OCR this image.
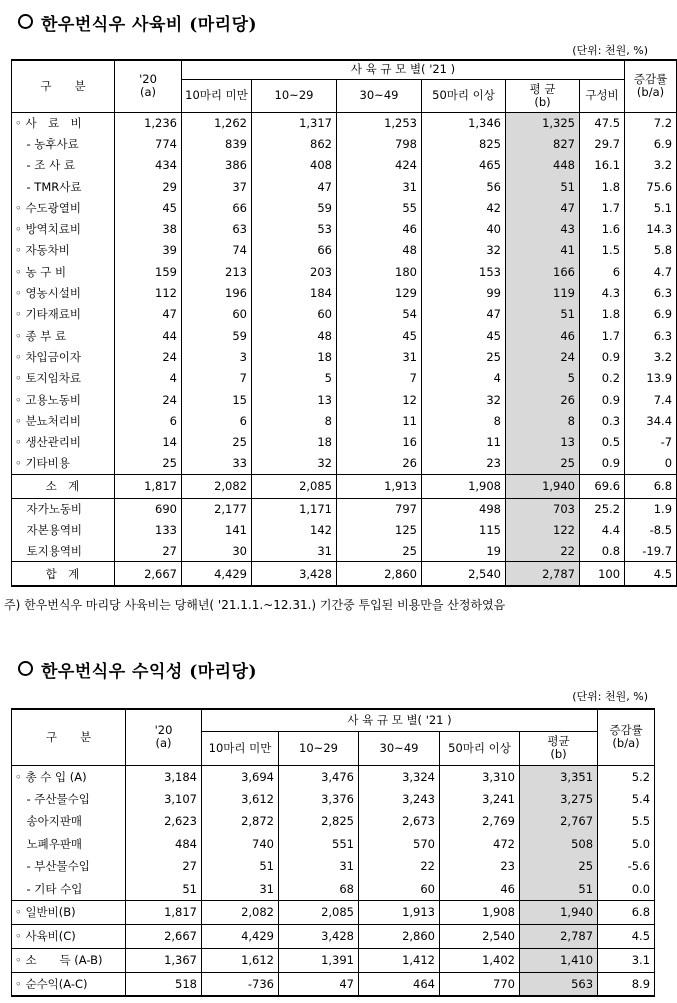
한우번식우 사육비 (마리당)
(단위: 천원, %)
구　　분	'20
(a)	사 육 규 모 별( '21 )						증감률
(b/a)
		10마리 미만	10~29	30~49	50마리 이상	평 균
(b)	구성비	
◦ 사　료　비	1,236	1,262	1,317	1,253	1,346	1,325	47.5	7.2
　- 농후사료	774	839	862	798	825	827	29.7	6.9
　- 조 사 료	434	386	408	424	465	448	16.1	3.2
　- TMR사료	29	37	47	31	56	51	1.8	75.6
◦ 수도광열비	45	66	59	55	42	47	1.7	5.1
◦ 방역치료비	38	63	53	46	40	43	1.6	14.3
◦ 자동차비	39	74	66	48	32	41	1.5	5.8
◦ 농 구 비	159	213	203	180	153	166	6	4.7
◦ 영농시설비	112	196	184	129	99	119	4.3	6.3
◦ 기타재료비	47	60	60	54	47	51	1.8	6.9
◦ 종 부 료	44	59	48	45	45	46	1.7	6.3
◦ 차입금이자	24	3	18	31	25	24	0.9	3.2
◦ 토지임차료	4	7	5	7	4	5	0.2	13.9
◦ 고용노동비	24	15	13	12	32	26	0.9	7.4
◦ 분뇨처리비	6	6	8	11	8	8	0.3	34.4
◦ 생산관리비	14	25	18	16	11	13	0.5	-7
◦ 기타비용	25	33	32	26	23	25	0.9	0
소　계	1,817	2,082	2,085	1,913	1,908	1,940	69.6	6.8
　자가노동비	690	2,177	1,171	797	498	703	25.2	1.9
　자본용역비	133	141	142	125	115	122	4.4	-8.5
　토지용역비	27	30	31	25	19	22	0.8	-19.7
합　계	2,667	4,429	3,428	2,860	2,540	2,787	100	4.5
주) 한우번식우 마리당 사육비는 당해년( '21.1.1.~12.31.) 기간중 투입된 비용만을 산정하였음
한우번식우 수익성 (마리당)
(단위: 천원, %)
구　　분	'20
(a)	사 육 규 모 별( '21 )					증감률
(b/a)
		10마리 미만	10~29	30~49	50마리 이상	평균
(b)	
◦ 총 수 입 (A)	3,184	3,694	3,476	3,324	3,310	3,351	5.2
　- 주산물수입	3,107	3,612	3,376	3,243	3,241	3,275	5.4
　송아지판매	2,623	2,872	2,825	2,673	2,769	2,767	5.5
　노폐우판매	484	740	551	570	472	508	5.0
　- 부산물수입	27	51	31	22	23	25	-5.6
　- 기타 수입	51	31	68	60	46	51	0.0
◦ 일반비(B)	1,817	2,082	2,085	1,913	1,908	1,940	6.8
◦ 사육비(C)	2,667	4,429	3,428	2,860	2,540	2,787	4.5
◦ 소　　득 (A-B)	1,367	1,612	1,391	1,412	1,402	1,410	3.1
◦ 순수익(A-C)	518	-736	47	464	770	563	8.9
